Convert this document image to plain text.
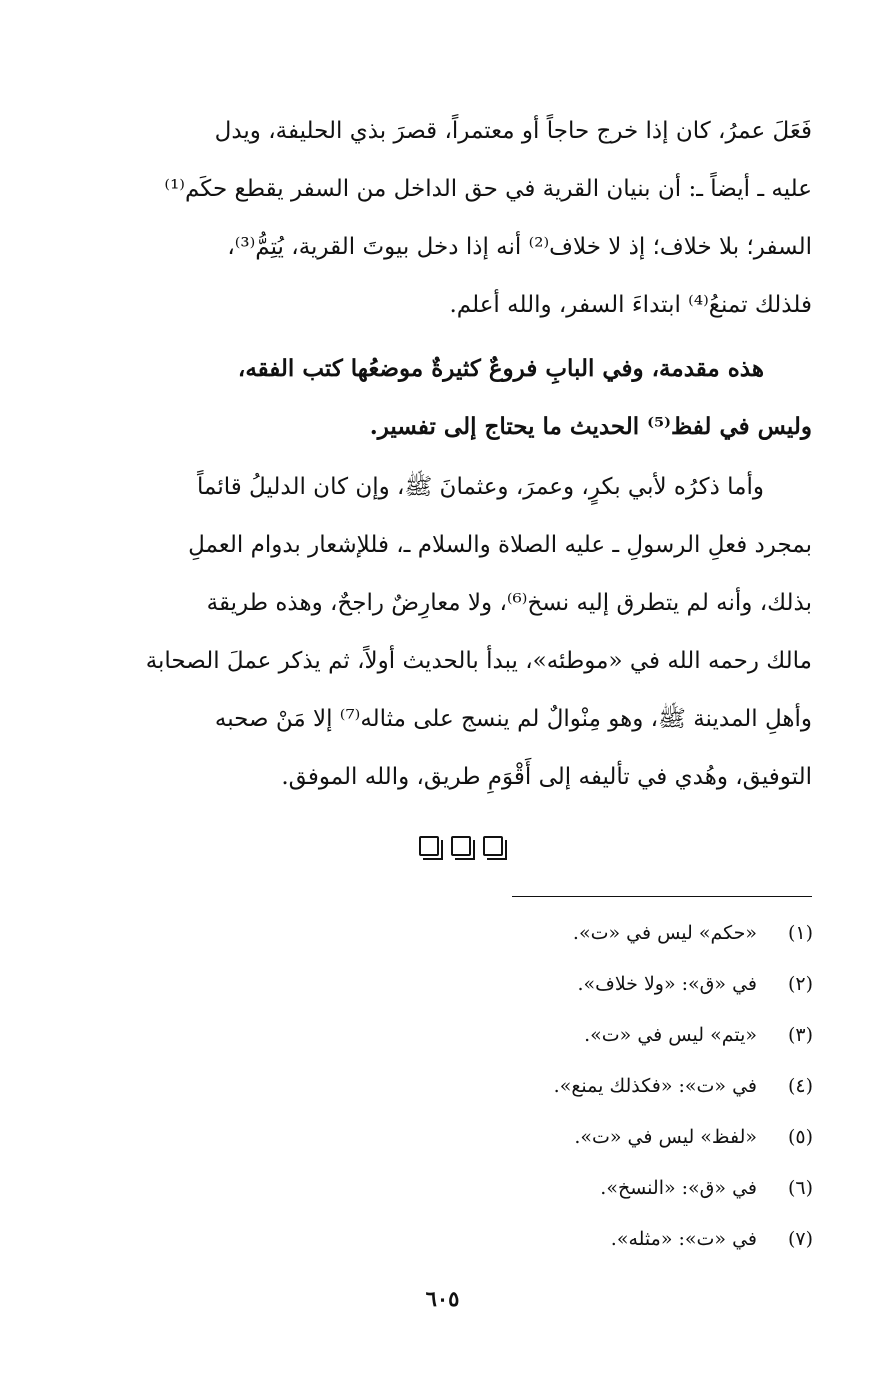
فَعَلَ عمرُ، كان إذا خرج حاجاً أو معتمراً، قصرَ بذي الحليفة، ويدل
عليه ـ أيضاً ـ: أن بنيان القرية في حق الداخل من السفر يقطع حكَم⁽¹⁾
السفر؛ بلا خلاف؛ إذ لا خلاف⁽²⁾ أنه إذا دخل بيوتَ القرية، يُتِمُّ⁽³⁾،
فلذلك تمنعُ⁽⁴⁾ ابتداءَ السفر، والله أعلم.
هذه مقدمة، وفي البابِ فروعٌ كثيرةٌ موضعُها كتب الفقه،
وليس في لفظ⁽⁵⁾ الحديث ما يحتاج إلى تفسير.
وأما ذكرُه لأبي بكرٍ، وعمرَ، وعثمانَ ﷺ، وإن كان الدليلُ قائماً
بمجرد فعلِ الرسولِ ـ عليه الصلاة والسلام ـ، فللإشعار بدوام العملِ
بذلك، وأنه لم يتطرق إليه نسخ⁽⁶⁾، ولا معارِضٌ راجحٌ، وهذه طريقة
مالك رحمه الله في «موطئه»، يبدأ بالحديث أولاً، ثم يذكر عملَ الصحابة
وأهلِ المدينة ﷺ، وهو مِنْوالٌ لم ينسج على مثاله⁽⁷⁾ إلا مَنْ صحبه
التوفيق، وهُدي في تأليفه إلى أَقْوَمِ طريق، والله الموفق.
(١)«حكم» ليس في «ت».
(٢)في «ق»: «ولا خلاف».
(٣)«يتم» ليس في «ت».
(٤)في «ت»: «فكذلك يمنع».
(٥)«لفظ» ليس في «ت».
(٦)في «ق»: «النسخ».
(٧)في «ت»: «مثله».
٦٠٥
